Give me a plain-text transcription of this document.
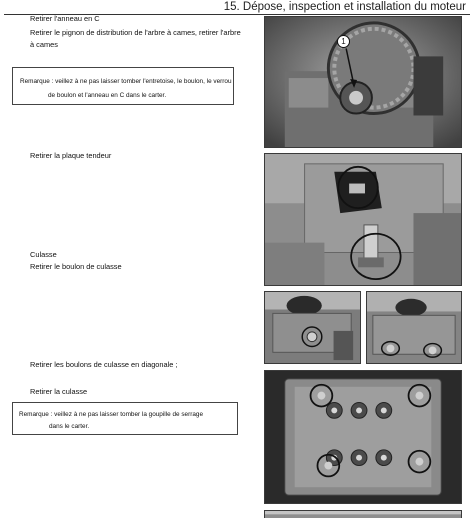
15. Dépose, inspection et installation du moteur
Retirer l'anneau en C
Retirer le pignon de distribution de l'arbre à cames, retirer l'arbre
à cames
Remarque : veillez à ne pas laisser tomber l'entretoise, le boulon, le verrou
de boulon et l'anneau en C dans le carter.
Retirer la plaque tendeur
Culasse
Retirer le boulon de culasse
Retirer les boulons de culasse en diagonale ;
Retirer la culasse
Remarque : veillez à ne pas laisser tomber la goupille de serrage
dans le carter.
1
